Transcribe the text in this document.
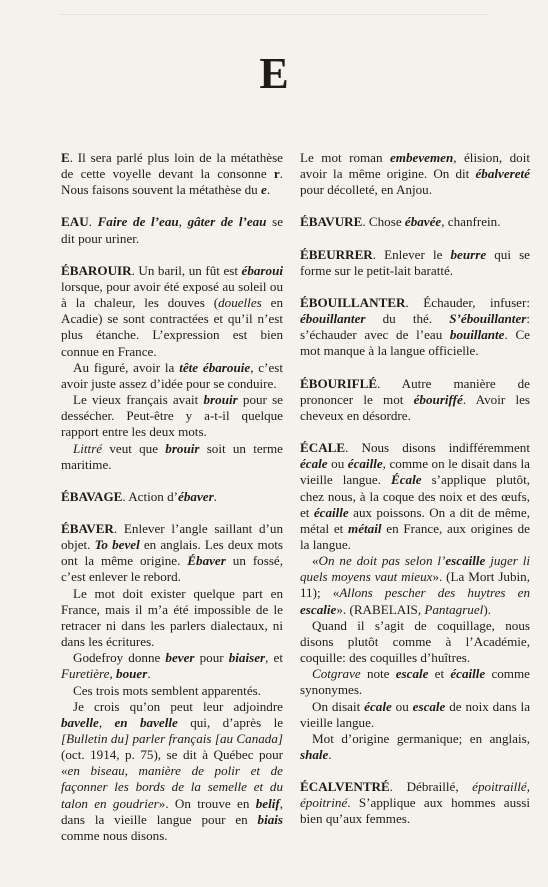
E

E. Il sera parlé plus loin de la métathèse de cette voyelle devant la consonne r. Nous faisons souvent la métathèse du e.

EAU. Faire de l’eau, gâter de l’eau se dit pour uriner.

ÉBAROUIR. Un baril, un fût est ébaroui lorsque, pour avoir été exposé au soleil ou à la chaleur, les douves (douelles en Acadie) se sont contractées et qu’il n’est plus étanche. L’expression est bien connue en France.

Au figuré, avoir la tête ébarouie, c’est avoir juste assez d’idée pour se conduire.

Le vieux français avait brouir pour se dessécher. Peut-être y a-t-il quelque rapport entre les deux mots.

Littré veut que brouir soit un terme maritime.

ÉBAVAGE. Action d’ébaver.

ÉBAVER. Enlever l’angle saillant d’un objet. To bevel en anglais. Les deux mots ont la même origine. Ébaver un fossé, c’est enlever le rebord.

Le mot doit exister quelque part en France, mais il m’a été impossible de le retracer ni dans les parlers dialectaux, ni dans les écritures.

Godefroy donne bever pour biaiser, et Furetière, bouer.

Ces trois mots semblent apparentés.

Je crois qu’on peut leur adjoindre bavelle, en bavelle qui, d’après le [Bulletin du] parler français [au Canada] (oct. 1914, p. 75), se dit à Québec pour «en biseau, manière de polir et de façonner les bords de la semelle et du talon en goudrier». On trouve en belif, dans la vieille langue pour en biais comme nous disons.

Le mot roman embevemen, élision, doit avoir la même origine. On dit ébalvereté pour décolleté, en Anjou.

ÉBAVURE. Chose ébavée, chanfrein.

ÉBEURRER. Enlever le beurre qui se forme sur le petit-lait baratté.

ÉBOUILLANTER. Échauder, infuser: ébouillanter du thé. S’ébouillanter: s’échauder avec de l’eau bouillante. Ce mot manque à la langue officielle.

ÉBOURIFLÉ. Autre manière de prononcer le mot ébouriffé. Avoir les cheveux en désordre.

ÉCALE. Nous disons indifféremment écale ou écaille, comme on le disait dans la vieille langue. Écale s’applique plutôt, chez nous, à la coque des noix et des œufs, et écaille aux poissons. On a dit de même, métal et métail en France, aux origines de la langue.

«On ne doit pas selon l’escaille juger li quels moyens vaut mieux». (La Mort Jubin, 11); «Allons pescher des huytres en escalie». (RABELAIS, Pantagruel).

Quand il s’agit de coquillage, nous disons plutôt comme à l’Académie, coquille: des coquilles d’huîtres.

Cotgrave note escale et écaille comme synonymes.

On disait écale ou escale de noix dans la vieille langue.

Mot d’origine germanique; en anglais, shale.

ÉCALVENTRÉ. Débraillé, époitraillé, époitriné. S’applique aux hommes aussi bien qu’aux femmes.
